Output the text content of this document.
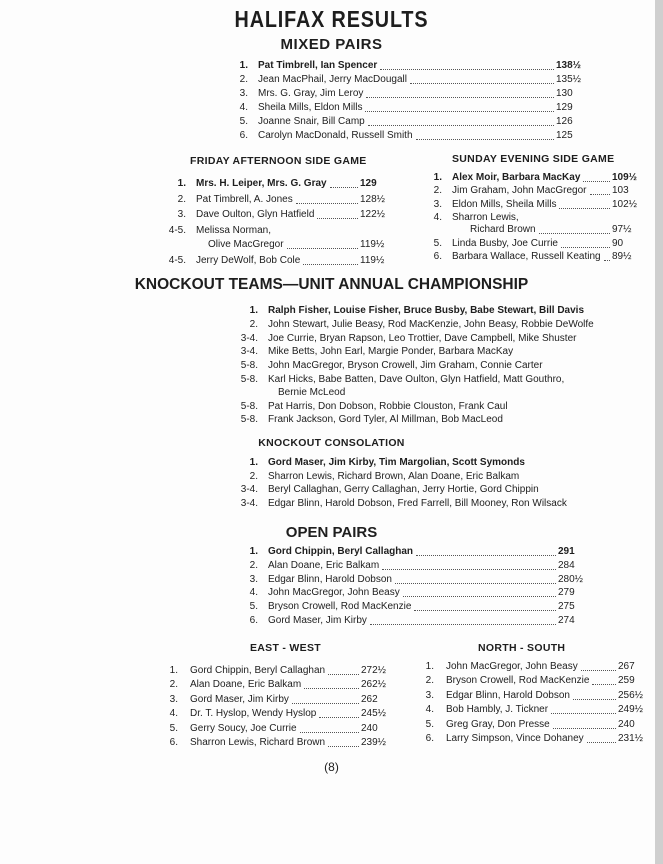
HALIFAX RESULTS
MIXED PAIRS
1. Pat Timbrell, Ian Spencer	138½
2. Jean MacPhail, Jerry MacDougall	135½
3. Mrs. G. Gray, Jim Leroy	130
4. Sheila Mills, Eldon Mills	129
5. Joanne Snair, Bill Camp	126
6. Carolyn MacDonald, Russell Smith	125
FRIDAY AFTERNOON SIDE GAME
1. Mrs. H. Leiper, Mrs. G. Gray	129
2. Pat Timbrell, A. Jones	128½
3. Dave Oulton, Glyn Hatfield	122½
4-5. Melissa Norman,
Olive MacGregor	119½
4-5. Jerry DeWolf, Bob Cole	119½
SUNDAY EVENING SIDE GAME
1. Alex Moir, Barbara MacKay	109½
2. Jim Graham, John MacGregor	103
3. Eldon Mills, Sheila Mills	102½
4. Sharron Lewis,
Richard Brown	97½
5. Linda Busby, Joe Currie	90
6. Barbara Wallace, Russell Keating 89½
KNOCKOUT TEAMS—UNIT ANNUAL CHAMPIONSHIP
1. Ralph Fisher, Louise Fisher, Bruce Busby, Babe Stewart, Bill Davis
2. John Stewart, Julie Beasy, Rod MacKenzie, John Beasy, Robbie DeWolfe
3-4. Joe Currie, Bryan Rapson, Leo Trottier, Dave Campbell, Mike Shuster
3-4. Mike Betts, John Earl, Margie Ponder, Barbara MacKay
5-8. John MacGregor, Bryson Crowell, Jim Graham, Connie Carter
5-8. Karl Hicks, Babe Batten, Dave Oulton, Glyn Hatfield, Matt Gouthro,
Bernie McLeod
5-8. Pat Harris, Don Dobson, Robbie Clouston, Frank Caul
5-8. Frank Jackson, Gord Tyler, Al Millman, Bob MacLeod
KNOCKOUT CONSOLATION
1. Gord Maser, Jim Kirby, Tim Margolian, Scott Symonds
2. Sharron Lewis, Richard Brown, Alan Doane, Eric Balkam
3-4. Beryl Callaghan, Gerry Callaghan, Jerry Hortie, Gord Chippin
3-4. Edgar Blinn, Harold Dobson, Fred Farrell, Bill Mooney, Ron Wilsack
OPEN PAIRS
1. Gord Chippin, Beryl Callaghan	291
2. Alan Doane, Eric Balkam	284
3. Edgar Blinn, Harold Dobson	280½
4. John MacGregor, John Beasy	279
5. Bryson Crowell, Rod MacKenzie	275
6. Gord Maser, Jim Kirby	274
EAST - WEST
1. Gord Chippin, Beryl Callaghan	272½
2. Alan Doane, Eric Balkam	262½
3. Gord Maser, Jim Kirby	262
4. Dr. T. Hyslop, Wendy Hyslop	245½
5. Gerry Soucy, Joe Currie	240
6. Sharron Lewis, Richard Brown	239½
NORTH - SOUTH
1. John MacGregor, John Beasy	267
2. Bryson Crowell, Rod MacKenzie	259
3. Edgar Blinn, Harold Dobson	256½
4. Bob Hambly, J. Tickner	249½
5. Greg Gray, Don Presse	240
6. Larry Simpson, Vince Dohaney	231½
(8)
